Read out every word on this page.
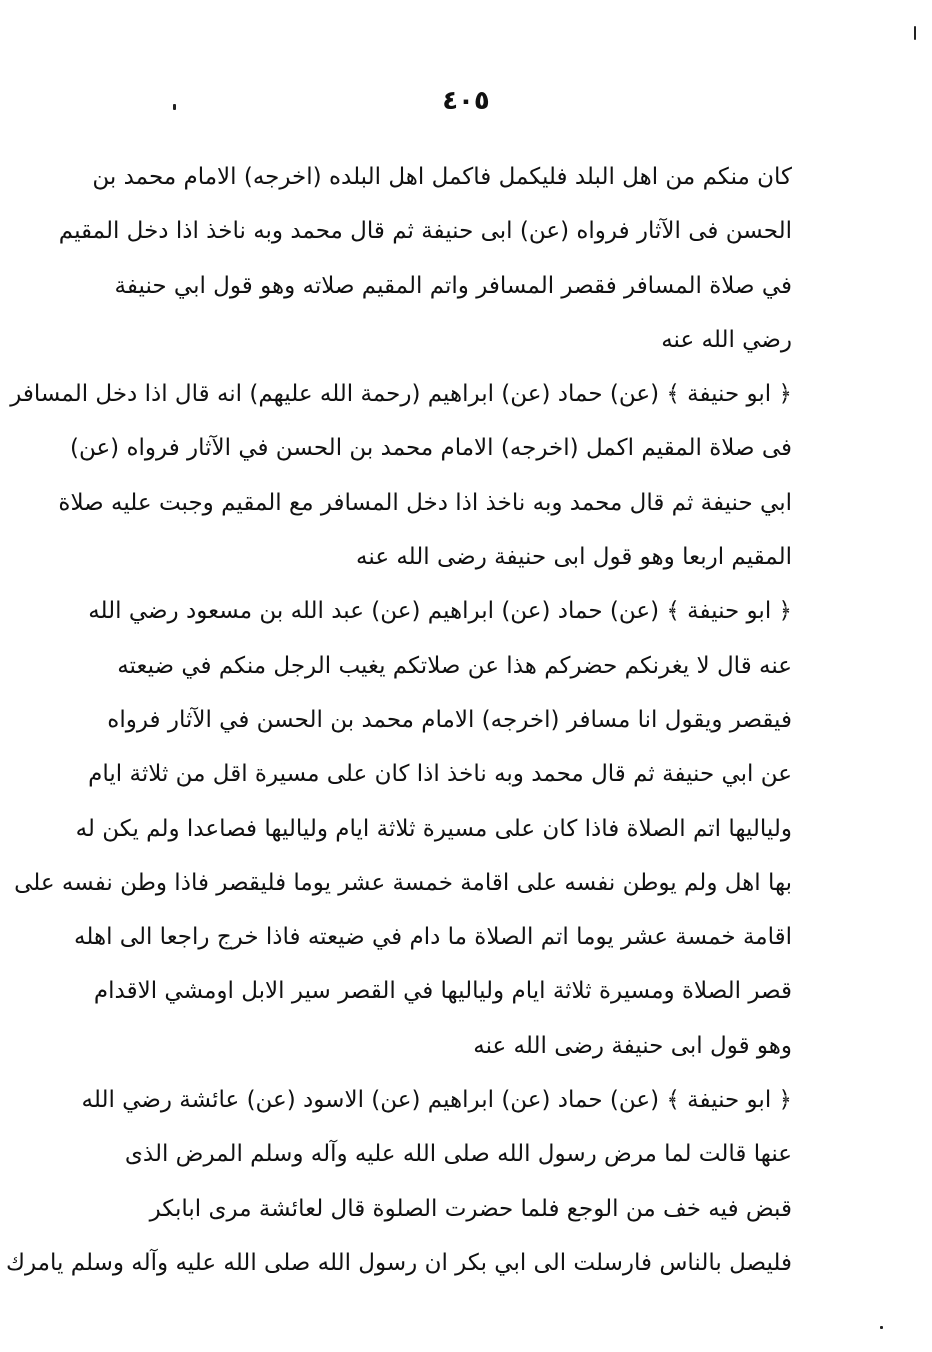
٤٠٥
كان منكم من اهل البلد فليكمل فاكمل اهل البلده (اخرجه) الامام محمد بن
الحسن فى الآثار فرواه (عن) ابى حنيفة ثم قال محمد وبه ناخذ اذا دخل المقيم
في صلاة المسافر فقصر المسافر واتم المقيم صلاته وهو قول ابي حنيفة
رضي الله عنه
﴿ ابو حنيفة ﴾ (عن) حماد (عن) ابراهيم (رحمة الله عليهم) انه قال اذا دخل المسافر
فى صلاة المقيم اكمل (اخرجه) الامام محمد بن الحسن في الآثار فرواه (عن)
ابي حنيفة ثم قال محمد وبه ناخذ اذا دخل المسافر مع المقيم وجبت عليه صلاة
المقيم اربعا وهو قول ابى حنيفة رضى الله عنه
﴿ ابو حنيفة ﴾ (عن) حماد (عن) ابراهيم (عن) عبد الله بن مسعود رضي الله
عنه قال لا يغرنكم حضركم هذا عن صلاتكم يغيب الرجل منكم في ضيعته
فيقصر ويقول انا مسافر (اخرجه) الامام محمد بن الحسن في الآثار فرواه
عن ابي حنيفة ثم قال محمد وبه ناخذ اذا كان على مسيرة اقل من ثلاثة ايام
ولياليها اتم الصلاة فاذا كان على مسيرة ثلاثة ايام ولياليها فصاعدا ولم يكن له
بها اهل ولم يوطن نفسه على اقامة خمسة عشر يوما فليقصر فاذا وطن نفسه على
اقامة خمسة عشر يوما اتم الصلاة ما دام في ضيعته فاذا خرج راجعا الى اهله
قصر الصلاة ومسيرة ثلاثة ايام ولياليها في القصر سير الابل اومشي الاقدام
وهو قول ابى حنيفة رضى الله عنه
﴿ ابو حنيفة ﴾ (عن) حماد (عن) ابراهيم (عن) الاسود (عن) عائشة رضي الله
عنها قالت لما مرض رسول الله صلى الله عليه وآله وسلم المرض الذى
قبض فيه خف من الوجع فلما حضرت الصلوة قال لعائشة مرى ابابكر
فليصل بالناس فارسلت الى ابي بكر ان رسول الله صلى الله عليه وآله وسلم يامرك
